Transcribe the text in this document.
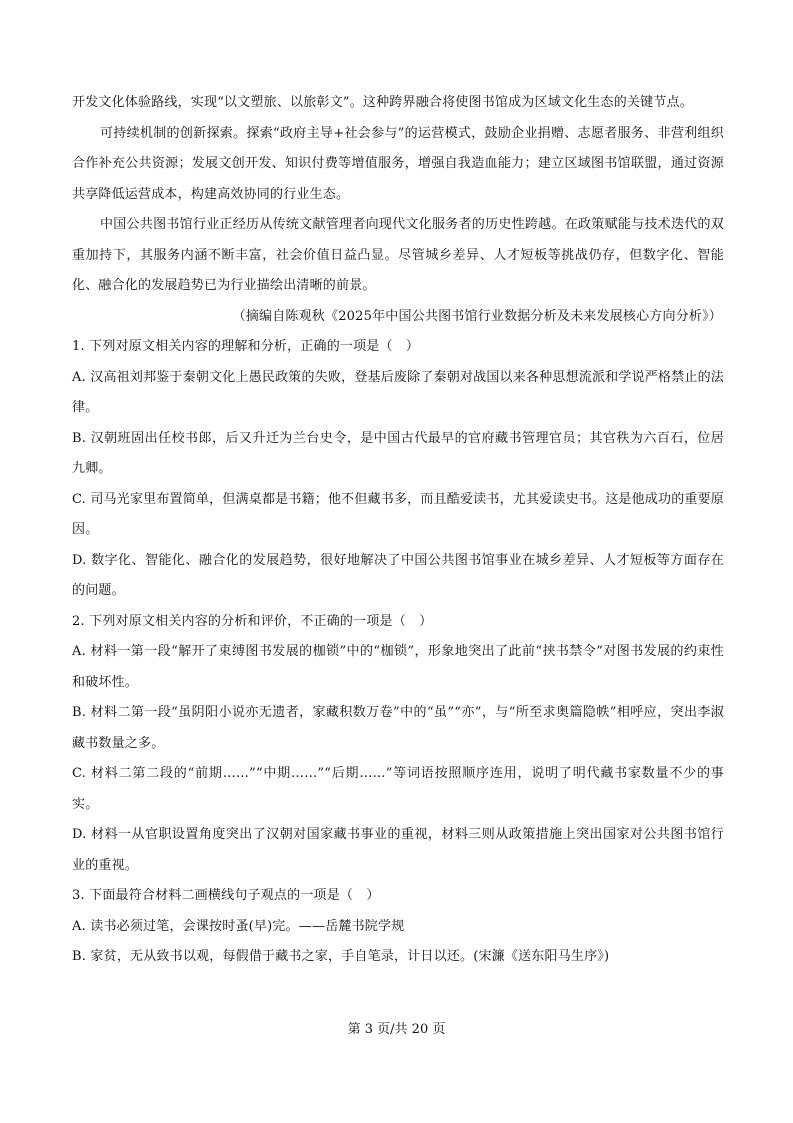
开发文化体验路线，实现“以文塑旅、以旅彰文”。这种跨界融合将使图书馆成为区域文化生态的关键节点。

可持续机制的创新探索。探索“政府主导+社会参与”的运营模式，鼓励企业捐赠、志愿者服务、非营利组织合作补充公共资源；发展文创开发、知识付费等增值服务，增强自我造血能力；建立区域图书馆联盟，通过资源共享降低运营成本，构建高效协同的行业生态。

中国公共图书馆行业正经历从传统文献管理者向现代文化服务者的历史性跨越。在政策赋能与技术迭代的双重加持下，其服务内涵不断丰富，社会价值日益凸显。尽管城乡差异、人才短板等挑战仍存，但数字化、智能化、融合化的发展趋势已为行业描绘出清晰的前景。

（摘编自陈观秋《2025年中国公共图书馆行业数据分析及未来发展核心方向分析》）

1. 下列对原文相关内容的理解和分析，正确的一项是（　）

A. 汉高祖刘邦鉴于秦朝文化上愚民政策的失败，登基后废除了秦朝对战国以来各种思想流派和学说严格禁止的法律。

B. 汉朝班固出任校书郎，后又升迁为兰台史令，是中国古代最早的官府藏书管理官员；其官秩为六百石，位居九卿。

C. 司马光家里布置简单，但满桌都是书籍；他不但藏书多，而且酷爱读书，尤其爱读史书。这是他成功的重要原因。

D. 数字化、智能化、融合化的发展趋势，很好地解决了中国公共图书馆事业在城乡差异、人才短板等方面存在的问题。

2. 下列对原文相关内容的分析和评价，不正确的一项是（　）

A. 材料一第一段“解开了束缚图书发展的枷锁”中的“枷锁”，形象地突出了此前“挟书禁令”对图书发展的约束性和破坏性。

B. 材料二第一段“虽阴阳小说亦无遗者，家藏积数万卷”中的“虽”“亦”，与“所至求奥篇隐帙”相呼应，突出李淑藏书数量之多。

C. 材料二第二段的“前期……”“中期……”“后期……”等词语按照顺序连用，说明了明代藏书家数量不少的事实。

D. 材料一从官职设置角度突出了汉朝对国家藏书事业的重视，材料三则从政策措施上突出国家对公共图书馆行业的重视。

3. 下面最符合材料二画横线句子观点的一项是（　）

A. 读书必须过笔，会课按时蚤(早)完。——岳麓书院学规

B. 家贫，无从致书以观，每假借于藏书之家，手自笔录，计日以还。(宋濂《送东阳马生序》)

第 3 页/共 20 页
